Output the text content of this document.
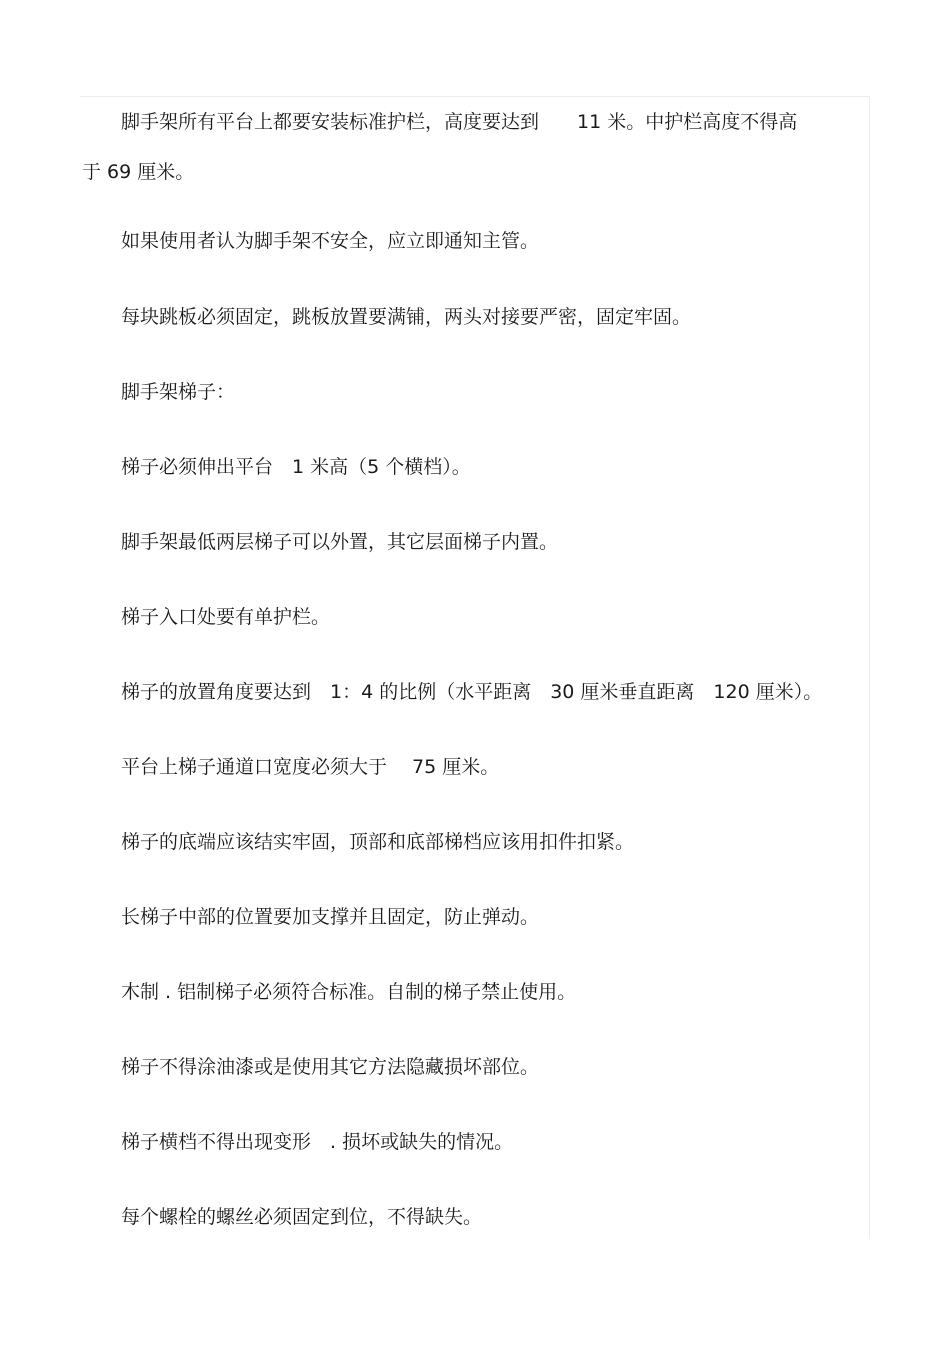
脚手架所有平台上都要安装标准护栏，高度要达到　　11 米。中护栏高度不得高
于 69 厘米。
如果使用者认为脚手架不安全，应立即通知主管。
每块跳板必须固定，跳板放置要满铺，两头对接要严密，固定牢固。
脚手架梯子：
梯子必须伸出平台　1 米高（5 个横档）。
脚手架最低两层梯子可以外置，其它层面梯子内置。
梯子入口处要有单护栏。
梯子的放置角度要达到　1：4 的比例（水平距离　30 厘米垂直距离　120 厘米）。
平台上梯子通道口宽度必须大于　 75 厘米。
梯子的底端应该结实牢固，顶部和底部梯档应该用扣件扣紧。
长梯子中部的位置要加支撑并且固定，防止弹动。
木制 . 铝制梯子必须符合标准。自制的梯子禁止使用。
梯子不得涂油漆或是使用其它方法隐藏损坏部位。
梯子横档不得出现变形　. 损坏或缺失的情况。
每个螺栓的螺丝必须固定到位，不得缺失。
